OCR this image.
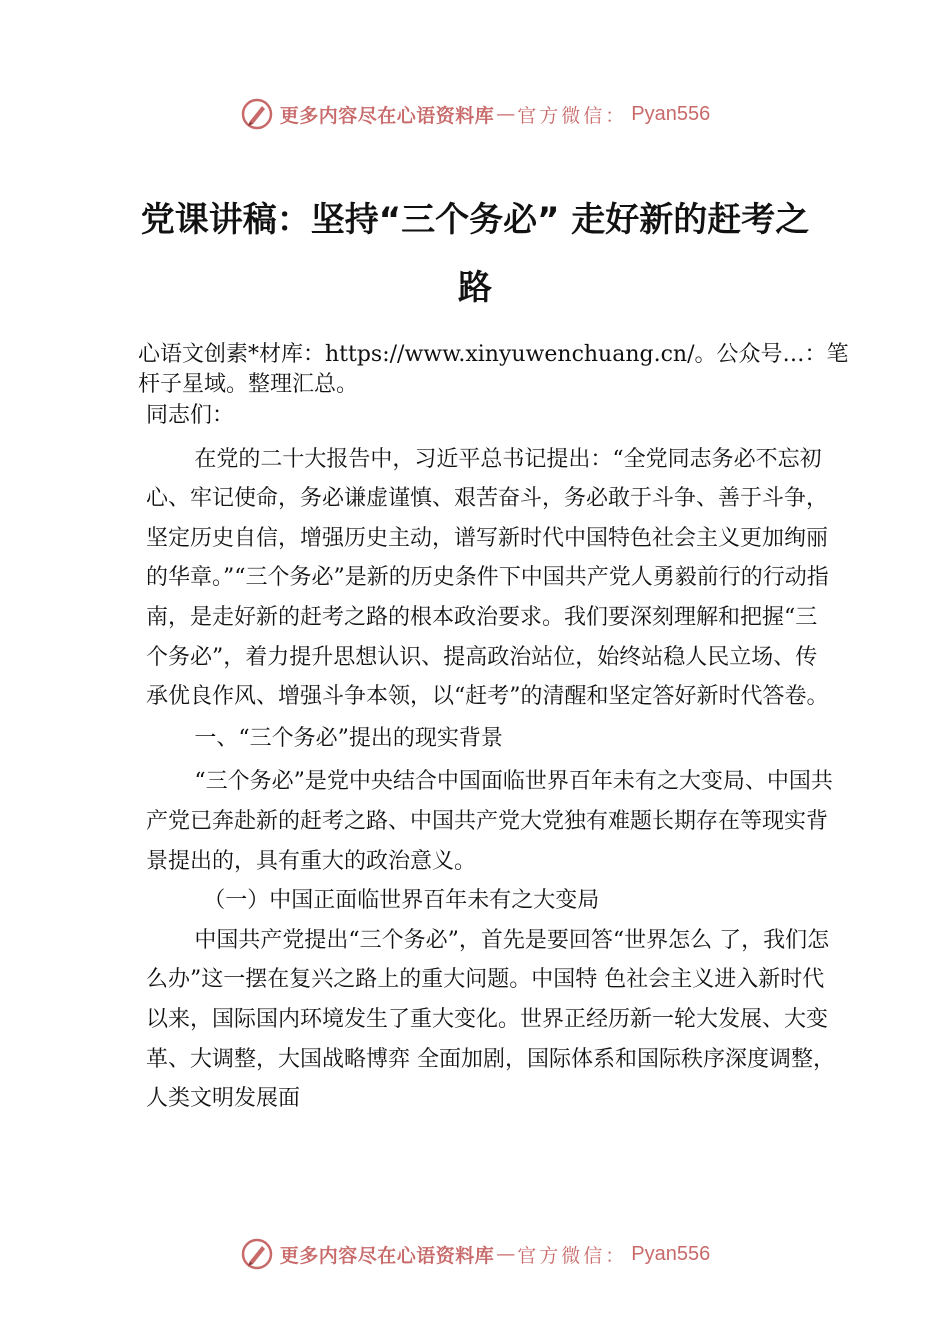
更多内容尽在心语资料库 — 官方微信： Pyan556
党课讲稿：坚持“三个务必” 走好新的赶考之路
心语文创素*材库：https://www.xinyuwenchuang.cn/。公众号…：笔杆子星域。整理汇总。

同志们：

在党的二十大报告中，习近平总书记提出：“全党同志务必不忘初心、牢记使命，务必谦虚谨慎、艰苦奋斗，务必敢于斗争、善于斗争，坚定历史自信，增强历史主动，谱写新时代中国特色社会主义更加绚丽的华章。”“三个务必”是新的历史条件下中国共产党人勇毅前行的行动指南，是走好新的赶考之路的根本政治要求。我们要深刻理解和把握“三个务必”，着力提升思想认识、提高政治站位，始终站稳人民立场、传承优良作风、增强斗争本领，以“赶考”的清醒和坚定答好新时代答卷。

一、“三个务必”提出的现实背景

“三个务必”是党中央结合中国面临世界百年未有之大变局、中国共产党已奔赴新的赶考之路、中国共产党大党独有难题长期存在等现实背景提出的，具有重大的政治意义。

（一）中国正面临世界百年未有之大变局

中国共产党提出“三个务必”，首先是要回答“世界怎么 了，我们怎么办”这一摆在复兴之路上的重大问题。中国特 色社会主义进入新时代以来，国际国内环境发生了重大变化。世界正经历新一轮大发展、大变革、大调整，大国战略博弈 全面加剧，国际体系和国际秩序深度调整，人类文明发展面

更多内容尽在心语资料库 — 官方微信： Pyan556
